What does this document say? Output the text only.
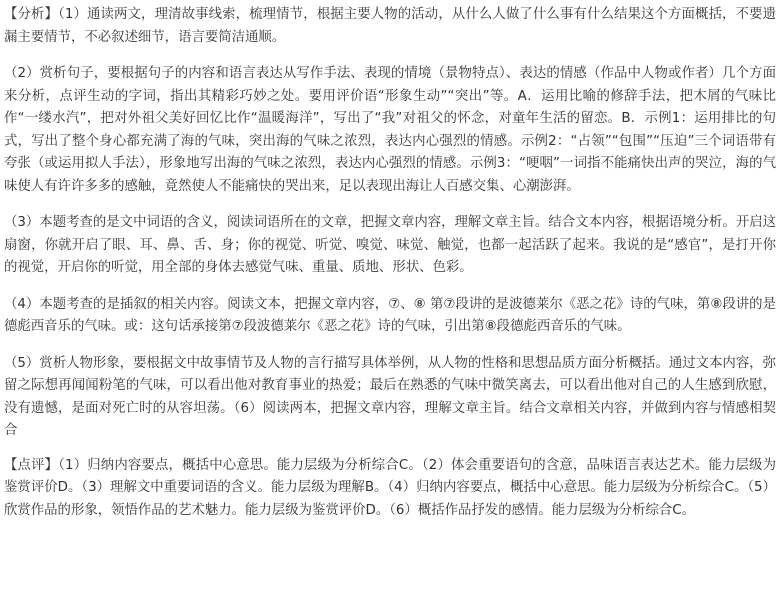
【分析】（1）通读两文，理清故事线索，梳理情节，根据主要人物的活动，从什么人做了什么事有什么结果这个方面概括，不要遗漏主要情节，不必叙述细节，语言要简洁通顺。

（2）赏析句子，要根据句子的内容和语言表达从写作手法、表现的情境（景物特点）、表达的情感（作品中人物或作者）几个方面来分析，点评生动的字词，指出其精彩巧妙之处。要用评价语“形象生动”“突出”等。A．运用比喻的修辞手法，把木屑的气味比作“一缕水汽”，把对外祖父美好回忆比作“温暖海洋”，写出了“我”对祖父的怀念，对童年生活的留恋。B．示例1：运用排比的句式，写出了整个身心都充满了海的气味，突出海的气味之浓烈，表达内心强烈的情感。示例2：“占领”“包围”“压迫”三个词语带有夸张（或运用拟人手法），形象地写出海的气味之浓烈，表达内心强烈的情感。示例3：“哽咽”一词指不能痛快出声的哭泣，海的气味使人有许许多多的感触，竟然使人不能痛快的哭出来，足以表现出海让人百感交集、心潮澎湃。

（3）本题考查的是文中词语的含义，阅读词语所在的文章，把握文章内容，理解文章主旨。结合文本内容，根据语境分析。开启这扇窗，你就开启了眼、耳、鼻、舌、身；你的视觉、听觉、嗅觉、味觉、触觉，也都一起活跃了起来。我说的是“感官”，是打开你的视觉，开启你的听觉，用全部的身体去感觉气味、重量、质地、形状、色彩。

（4）本题考查的是插叙的相关内容。阅读文本，把握文章内容，⑦、⑧ 第⑦段讲的是波德莱尔《恶之花》诗的气味，第⑧段讲的是德彪西音乐的气味。或：这句话承接第⑦段波德莱尔《恶之花》诗的气味，引出第⑧段德彪西音乐的气味。

（5）赏析人物形象，要根据文中故事情节及人物的言行描写具体举例，从人物的性格和思想品质方面分析概括。通过文本内容，弥留之际想再闻闻粉笔的气味，可以看出他对教育事业的热爱；最后在熟悉的气味中微笑离去，可以看出他对自己的人生感到欣慰，没有遗憾，是面对死亡时的从容坦荡。（6）阅读两本，把握文章内容，理解文章主旨。结合文章相关内容，并做到内容与情感相契合

【点评】（1）归纳内容要点，概括中心意思。能力层级为分析综合C。（2）体会重要语句的含意，品味语言表达艺术。能力层级为鉴赏评价D。（3）理解文中重要词语的含义。能力层级为理解B。（4）归纳内容要点，概括中心意思。能力层级为分析综合C。（5）欣赏作品的形象，领悟作品的艺术魅力。能力层级为鉴赏评价D。（6）概括作品抒发的感情。能力层级为分析综合C。
